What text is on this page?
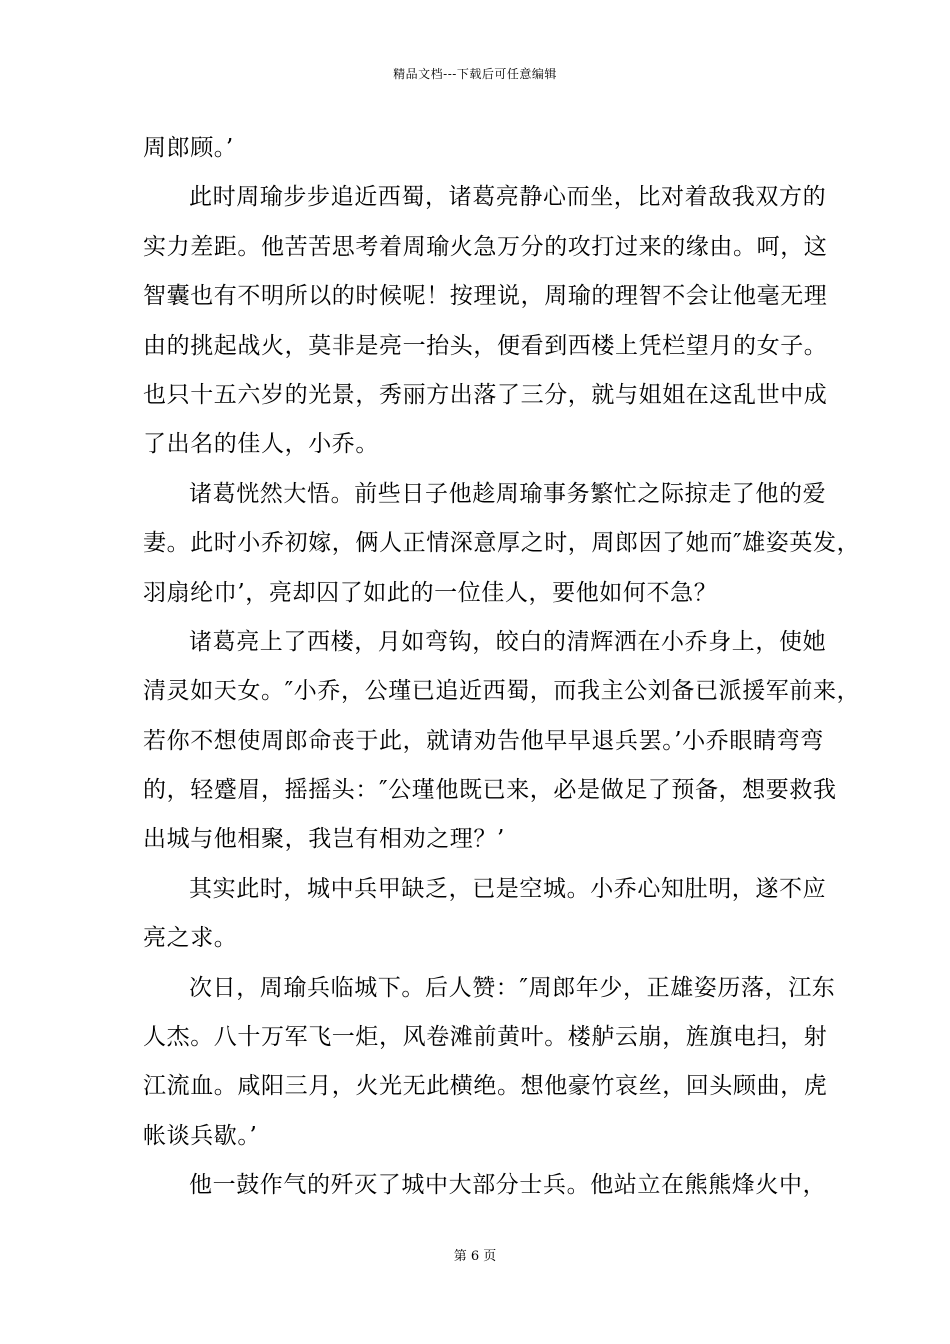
精品文档---下载后可任意编辑
周郎顾。’
此时周瑜步步追近西蜀，诸葛亮静心而坐，比对着敌我双方的
实力差距。他苦苦思考着周瑜火急万分的攻打过来的缘由。呵，这
智囊也有不明所以的时候呢！按理说，周瑜的理智不会让他毫无理
由的挑起战火，莫非是亮一抬头，便看到西楼上凭栏望月的女子。
也只十五六岁的光景，秀丽方出落了三分，就与姐姐在这乱世中成
了出名的佳人，小乔。
诸葛恍然大悟。前些日子他趁周瑜事务繁忙之际掠走了他的爱
妻。此时小乔初嫁，俩人正情深意厚之时，周郎因了她而″雄姿英发，
羽扇纶巾’，亮却囚了如此的一位佳人，要他如何不急？
诸葛亮上了西楼，月如弯钩，皎白的清辉洒在小乔身上，使她
清灵如天女。″小乔，公瑾已追近西蜀，而我主公刘备已派援军前来，
若你不想使周郎命丧于此，就请劝告他早早退兵罢。’小乔眼睛弯弯
的，轻蹙眉，摇摇头：″公瑾他既已来，必是做足了预备，想要救我
出城与他相聚，我岂有相劝之理？’
其实此时，城中兵甲缺乏，已是空城。小乔心知肚明，遂不应
亮之求。
次日，周瑜兵临城下。后人赞：″周郎年少，正雄姿历落，江东
人杰。八十万军飞一炬，风卷滩前黄叶。楼舻云崩，旌旗电扫，射
江流血。咸阳三月，火光无此横绝。想他豪竹哀丝，回头顾曲，虎
帐谈兵歇。’
他一鼓作气的歼灭了城中大部分士兵。他站立在熊熊烽火中，
第 6 页
